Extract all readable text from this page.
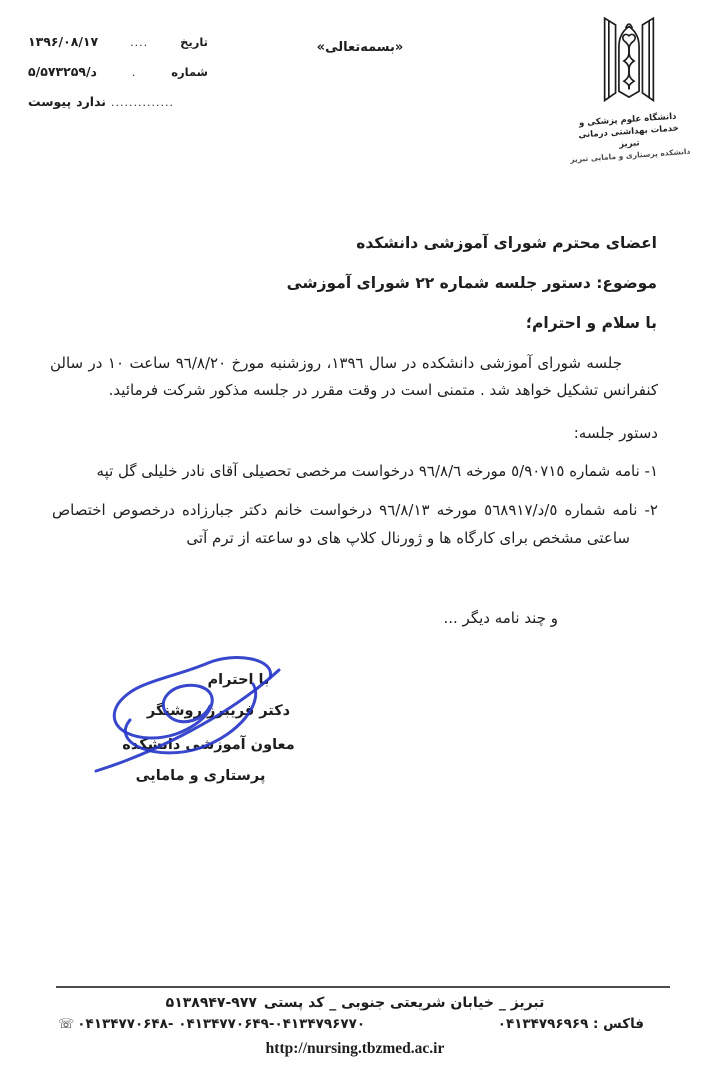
۱۳۹۶/۰۸/۱۷	....	تاریخ
۵/د/۵۷۳۲۵۹	.	شماره
پیوست ندارد ..............
«بسمه‌تعالی»
دانشگاه علوم پزشکی و
خدمات بهداشتی درمانی تبریز
دانشکده پرستاری و مامایی تبریز
اعضای محترم شورای آموزشی دانشکده
موضوع: دستور جلسه شماره ٢٢ شورای آموزشی
با سلام و احترام؛
جلسه شورای آموزشی دانشکده در سال ١٣٩٦، روزشنبه مورخ ٩٦/٨/٢٠ ساعت ١٠ در سالن کنفرانس تشکیل خواهد شد . متمنی است در وقت مقرر در جلسه مذکور شرکت فرمائید.
دستور جلسه:
١- نامه شماره ٥/٩٠٧١٥ مورخه ٩٦/٨/٦ درخواست مرخصی تحصیلی آقای نادر خلیلی گل تپه
٢- نامه شماره ٥/د/٥٦٨٩١٧ مورخه ٩٦/٨/١٣ درخواست خانم دکتر جبارزاده درخصوص اختصاص ساعتی مشخص برای کارگاه ها و ژورنال کلاپ های دو ساعته از ترم آتی
و چند نامه دیگر ...
با احترام
دکتر فریبرز روشنگر
معاون آموزشی دانشکده
پرستاری و مامایی
تبریز _ خیابان شریعتی جنوبی _ کد پستی
۵۱۳۸۹۴۷-۹۷۷
☏ ۰۴۱۳۴۷۷۰۶۴۸- ۰۴۱۳۴۷۷۰۶۴۹-۰۴۱۳۴۷۹۶۷۷۰	فاکس : ۰۴۱۳۴۷۹۶۹۶۹
http://nursing.tbzmed.ac.ir
